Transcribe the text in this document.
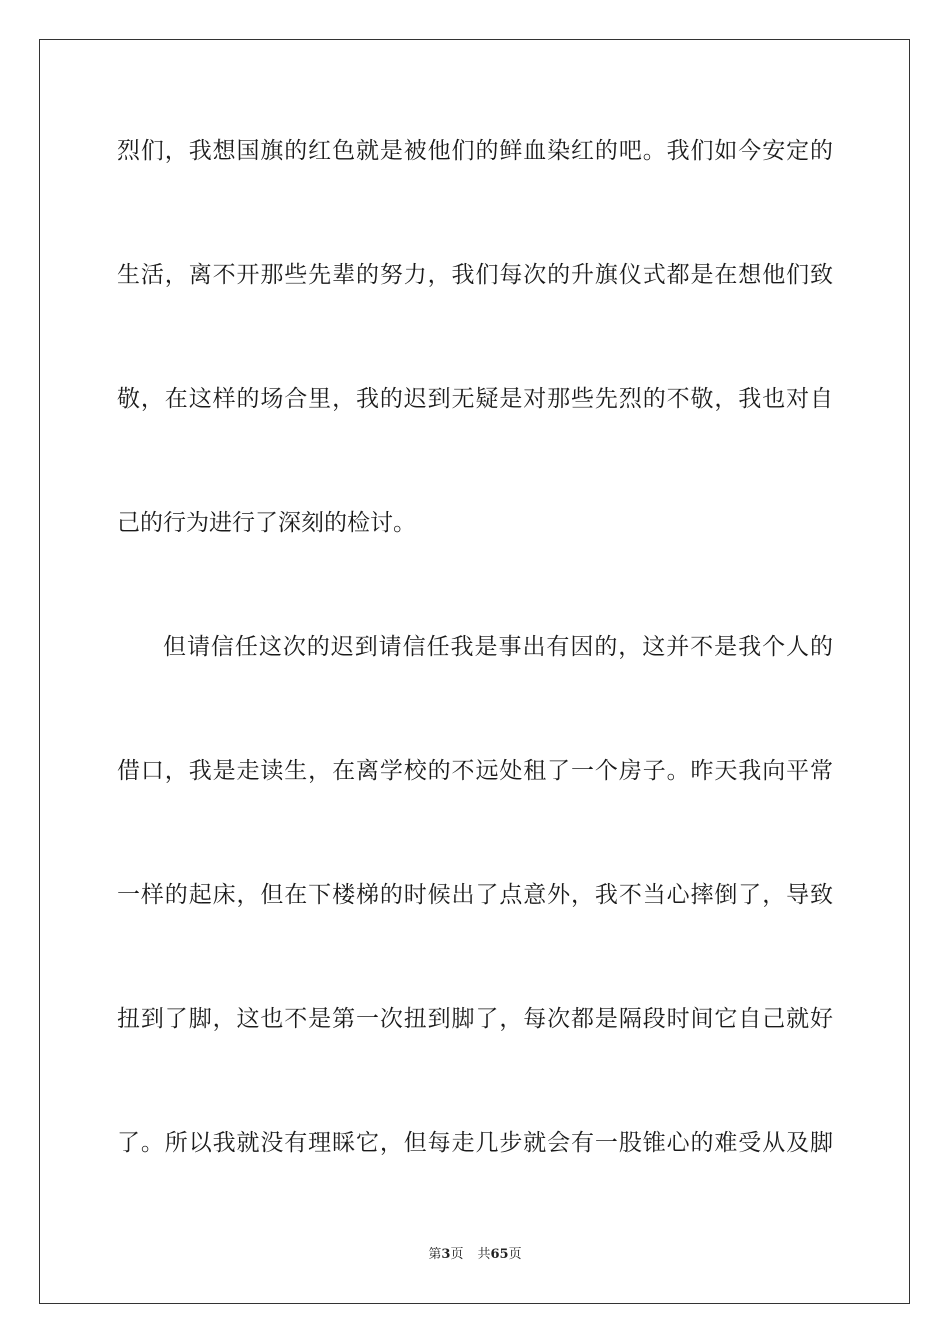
烈们，我想国旗的红色就是被他们的鲜血染红的吧。我们如今安定的
生活，离不开那些先辈的努力，我们每次的升旗仪式都是在想他们致
敬，在这样的场合里，我的迟到无疑是对那些先烈的不敬，我也对自
己的行为进行了深刻的检讨。
但请信任这次的迟到请信任我是事出有因的，这并不是我个人的
借口，我是走读生，在离学校的不远处租了一个房子。昨天我向平常
一样的起床，但在下楼梯的时候出了点意外，我不当心摔倒了，导致
扭到了脚，这也不是第一次扭到脚了，每次都是隔段时间它自己就好
了。所以我就没有理睬它，但每走几步就会有一股锥心的难受从及脚
第3页 共65页
